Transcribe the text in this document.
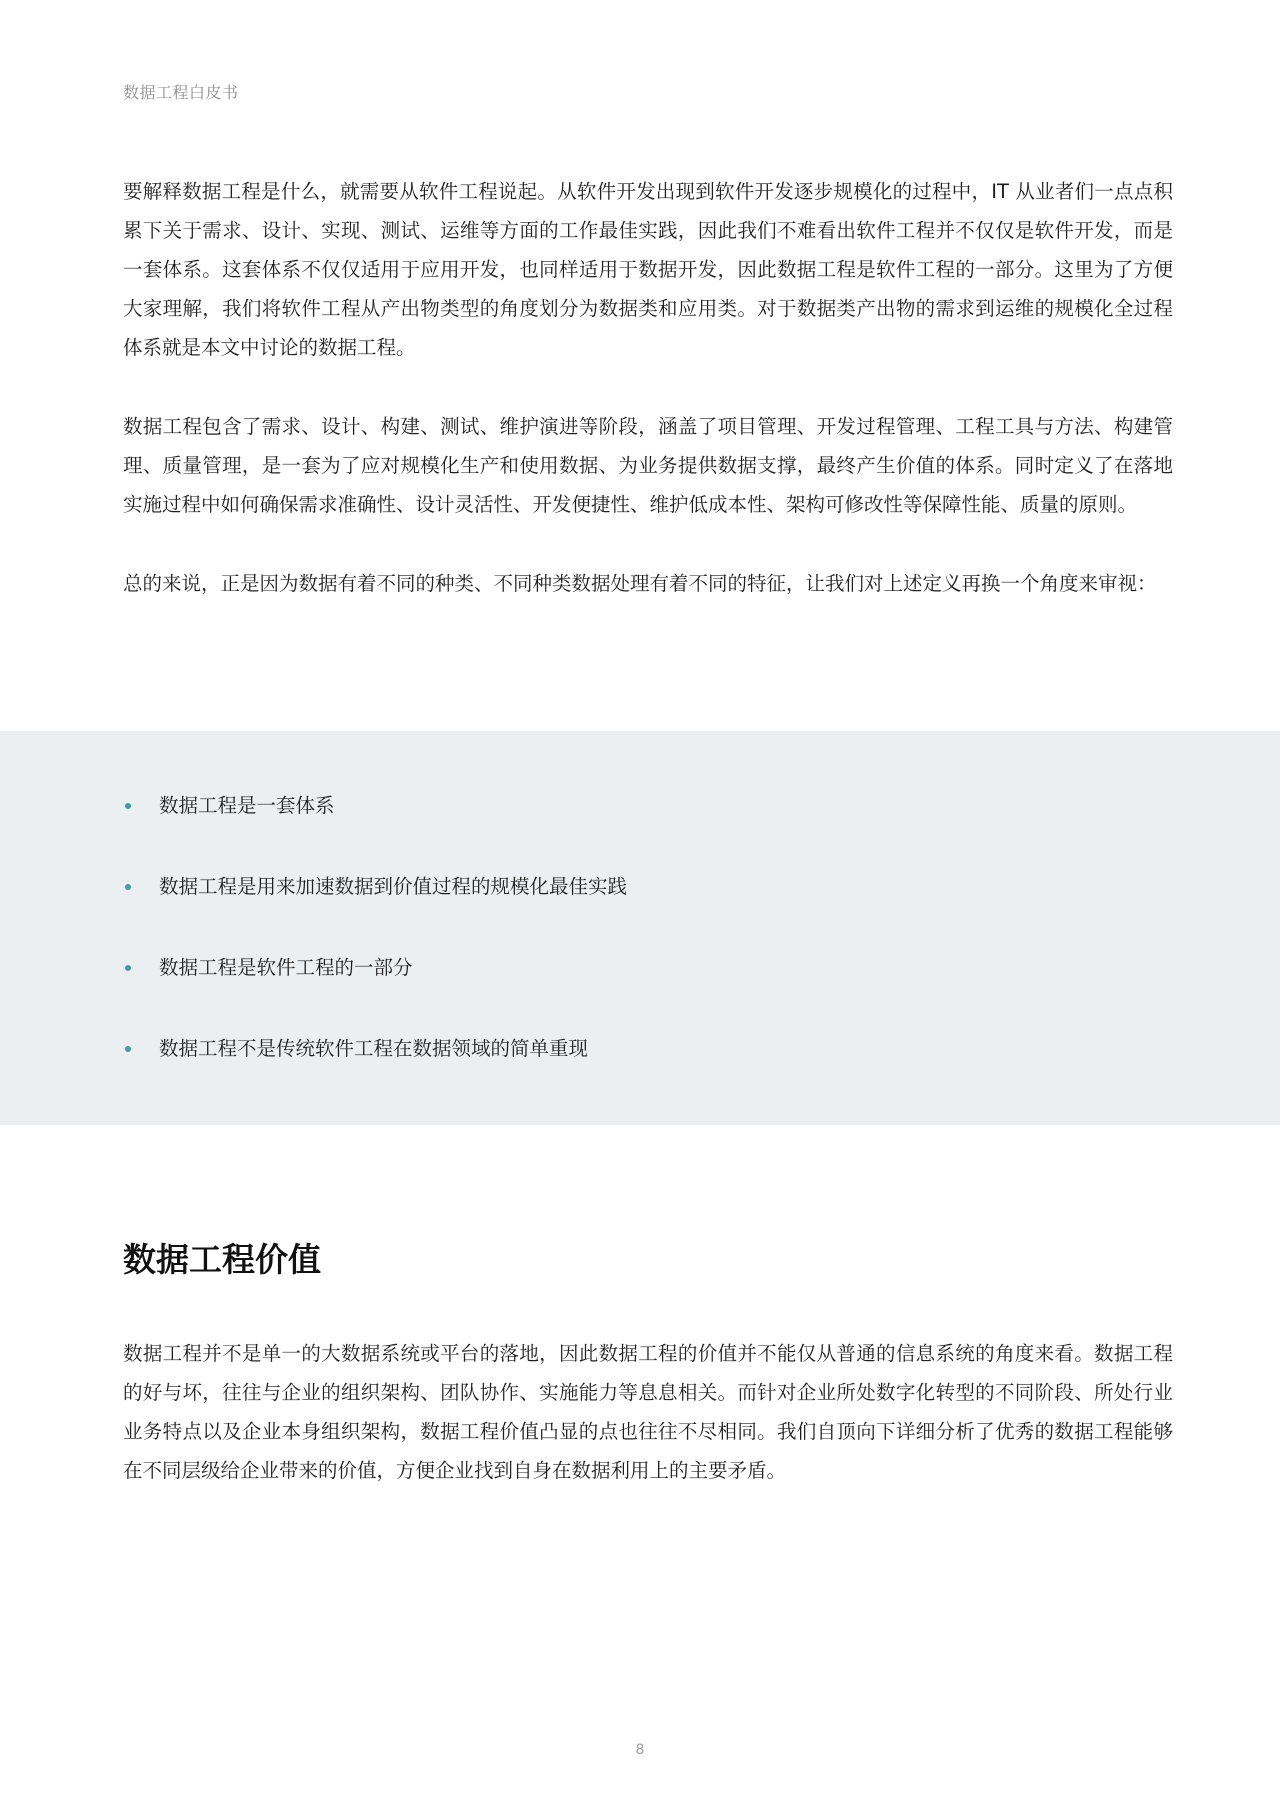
数据工程白皮书

要解释数据工程是什么，就需要从软件工程说起。从软件开发出现到软件开发逐步规模化的过程中，IT 从业者们一点点积累下关于需求、设计、实现、测试、运维等方面的工作最佳实践，因此我们不难看出软件工程并不仅仅是软件开发，而是一套体系。这套体系不仅仅适用于应用开发，也同样适用于数据开发，因此数据工程是软件工程的一部分。这里为了方便大家理解，我们将软件工程从产出物类型的角度划分为数据类和应用类。对于数据类产出物的需求到运维的规模化全过程体系就是本文中讨论的数据工程。

数据工程包含了需求、设计、构建、测试、维护演进等阶段，涵盖了项目管理、开发过程管理、工程工具与方法、构建管理、质量管理，是一套为了应对规模化生产和使用数据、为业务提供数据支撑，最终产生价值的体系。同时定义了在落地实施过程中如何确保需求准确性、设计灵活性、开发便捷性、维护低成本性、架构可修改性等保障性能、质量的原则。

总的来说，正是因为数据有着不同的种类、不同种类数据处理有着不同的特征，让我们对上述定义再换一个角度来审视：

数据工程是一套体系
数据工程是用来加速数据到价值过程的规模化最佳实践
数据工程是软件工程的一部分
数据工程不是传统软件工程在数据领域的简单重现
数据工程价值

数据工程并不是单一的大数据系统或平台的落地，因此数据工程的价值并不能仅从普通的信息系统的角度来看。数据工程的好与坏，往往与企业的组织架构、团队协作、实施能力等息息相关。而针对企业所处数字化转型的不同阶段、所处行业业务特点以及企业本身组织架构，数据工程价值凸显的点也往往不尽相同。我们自顶向下详细分析了优秀的数据工程能够在不同层级给企业带来的价值，方便企业找到自身在数据利用上的主要矛盾。

8
